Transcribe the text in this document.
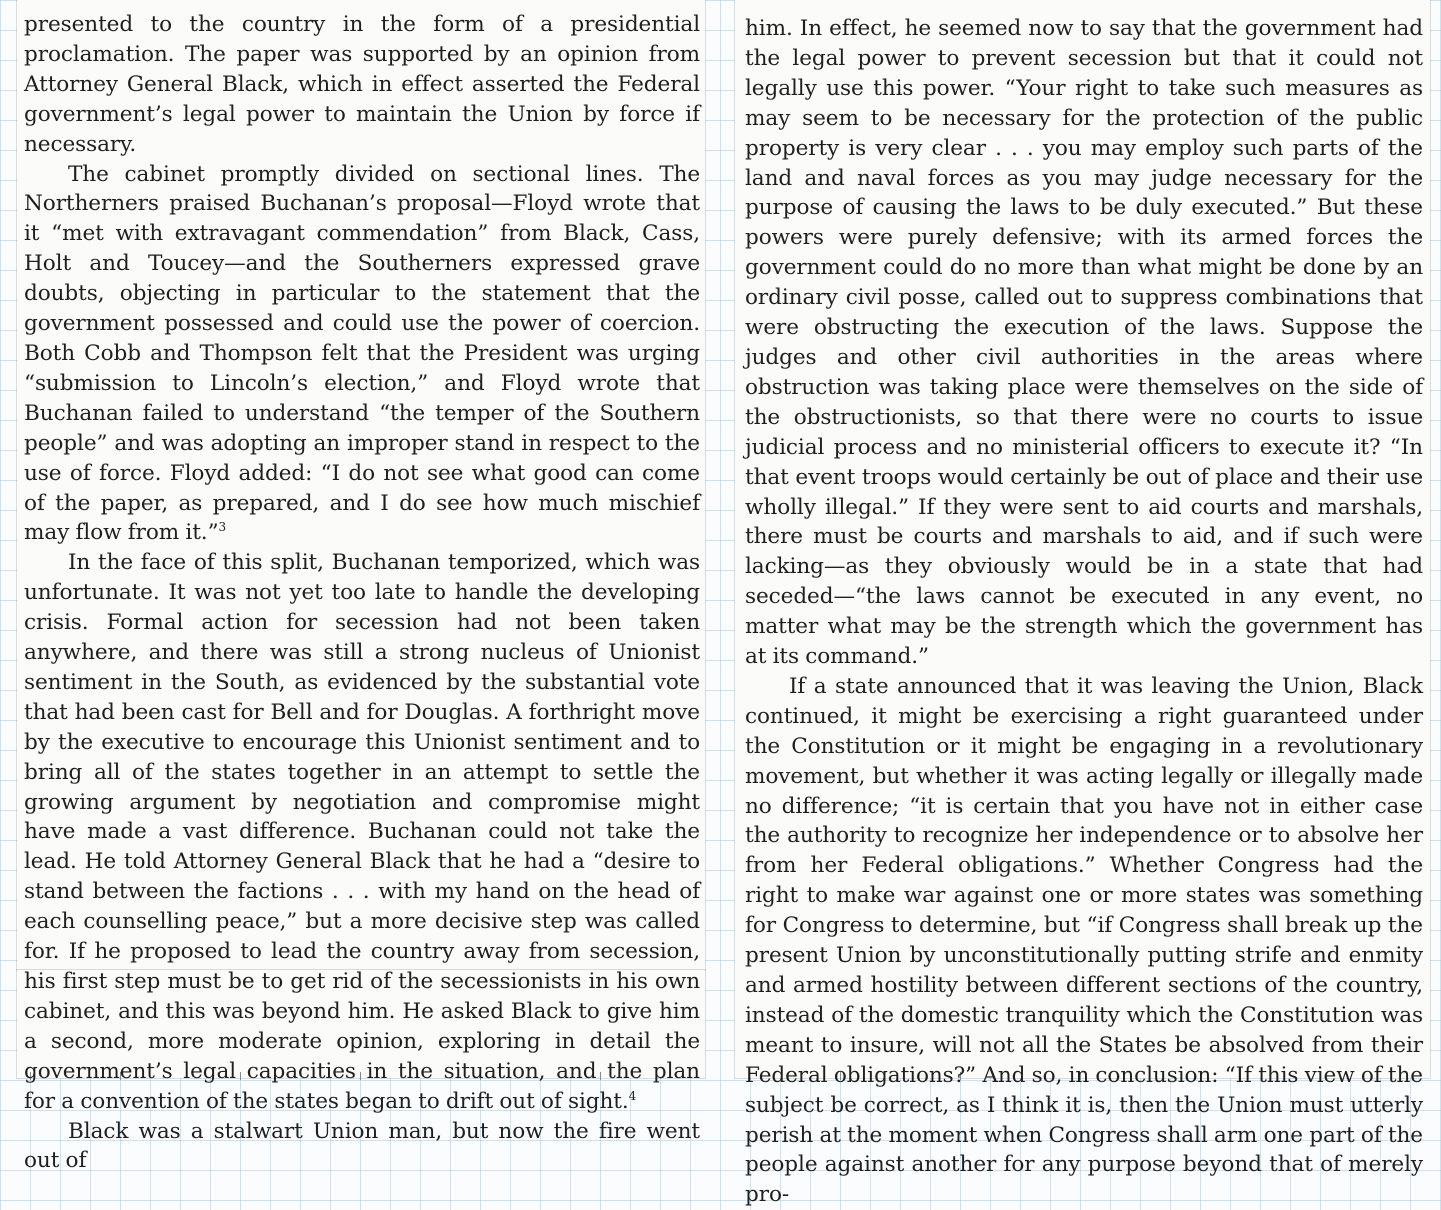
presented to the country in the form of a presidential proclamation. The paper was supported by an opinion from Attorney General Black, which in effect asserted the Federal government’s legal power to maintain the Union by force if necessary.

The cabinet promptly divided on sectional lines. The Northerners praised Buchanan’s proposal—Floyd wrote that it “met with extravagant commendation” from Black, Cass, Holt and Toucey—and the Southerners expressed grave doubts, objecting in particular to the statement that the government possessed and could use the power of coercion. Both Cobb and Thompson felt that the President was urging “submission to Lincoln’s election,” and Floyd wrote that Buchanan failed to understand “the temper of the Southern people” and was adopting an improper stand in respect to the use of force. Floyd added: “I do not see what good can come of the paper, as prepared, and I do see how much mischief may flow from it.”$^3$

In the face of this split, Buchanan temporized, which was unfortunate. It was not yet too late to handle the developing crisis. Formal action for secession had not been taken anywhere, and there was still a strong nucleus of Unionist sentiment in the South, as evidenced by the substantial vote that had been cast for Bell and for Douglas. A forthright move by the executive to encourage this Unionist sentiment and to bring all of the states together in an attempt to settle the growing argument by negotiation and compromise might have made a vast difference. Buchanan could not take the lead. He told Attorney General Black that he had a “desire to stand between the factions . . . with my hand on the head of each counselling peace,” but a more decisive step was called for. If he proposed to lead the country away from secession, his first step must be to get rid of the secessionists in his own cabinet, and this was beyond him. He asked Black to give him a second, more moderate opinion, exploring in detail the government’s legal capacities in the situation, and the plan for a convention of the states began to drift out of sight.$^4$

Black was a stalwart Union man, but now the fire went out of

him. In effect, he seemed now to say that the government had the legal power to prevent secession but that it could not legally use this power. “Your right to take such measures as may seem to be necessary for the protection of the public property is very clear . . . you may employ such parts of the land and naval forces as you may judge necessary for the purpose of causing the laws to be duly executed.” But these powers were purely defensive; with its armed forces the government could do no more than what might be done by an ordinary civil posse, called out to suppress combinations that were obstructing the execution of the laws. Suppose the judges and other civil authorities in the areas where obstruction was taking place were themselves on the side of the obstructionists, so that there were no courts to issue judicial process and no ministerial officers to execute it? “In that event troops would certainly be out of place and their use wholly illegal.” If they were sent to aid courts and marshals, there must be courts and marshals to aid, and if such were lacking—as they obviously would be in a state that had seceded—“the laws cannot be executed in any event, no matter what may be the strength which the government has at its command.”

If a state announced that it was leaving the Union, Black continued, it might be exercising a right guaranteed under the Constitution or it might be engaging in a revolutionary movement, but whether it was acting legally or illegally made no difference; “it is certain that you have not in either case the authority to recognize her independence or to absolve her from her Federal obligations.” Whether Congress had the right to make war against one or more states was something for Congress to determine, but “if Congress shall break up the present Union by unconstitutionally putting strife and enmity and armed hostility between different sections of the country, instead of the domestic tranquility which the Constitution was meant to insure, will not all the States be absolved from their Federal obligations?” And so, in conclusion: “If this view of the subject be correct, as I think it is, then the Union must utterly perish at the moment when Congress shall arm one part of the people against another for any purpose beyond that of merely pro-
